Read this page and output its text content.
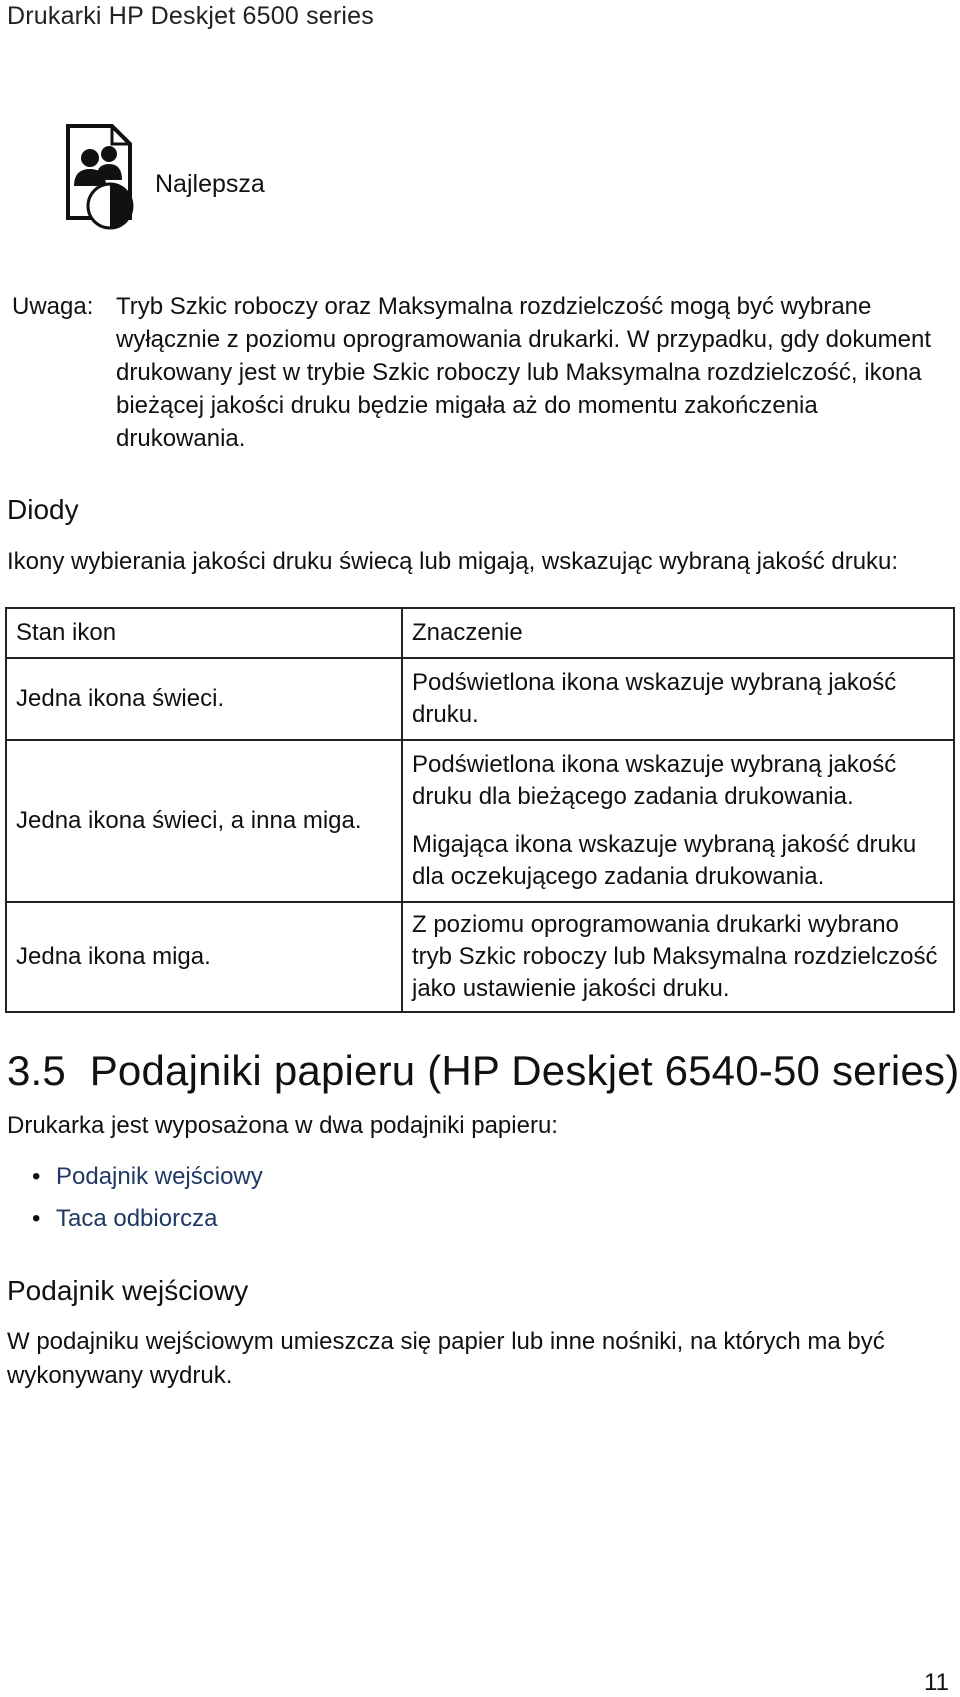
Drukarki HP Deskjet 6500 series
Najlepsza
Uwaga: Tryb Szkic roboczy oraz Maksymalna rozdzielczość mogą być wybrane wyłącznie z poziomu oprogramowania drukarki. W przypadku, gdy dokument drukowany jest w trybie Szkic roboczy lub Maksymalna rozdzielczość, ikona bieżącej jakości druku będzie migała aż do momentu zakończenia drukowania.
Diody
Ikony wybierania jakości druku świecą lub migają, wskazując wybraną jakość druku:
Stan ikon	Znaczenie
Jedna ikona świeci.	Podświetlona ikona wskazuje wybraną jakość druku.
Jedna ikona świeci, a inna miga.	Podświetlona ikona wskazuje wybraną jakość druku dla bieżącego zadania drukowania.
	Migająca ikona wskazuje wybraną jakość druku dla oczekującego zadania drukowania.
Jedna ikona miga.	Z poziomu oprogramowania drukarki wybrano tryb Szkic roboczy lub Maksymalna rozdzielczość jako ustawienie jakości druku.
3.5  Podajniki papieru (HP Deskjet 6540-50 series)
Drukarka jest wyposażona w dwa podajniki papieru:
• Podajnik wejściowy
• Taca odbiorcza
Podajnik wejściowy
W podajniku wejściowym umieszcza się papier lub inne nośniki, na których ma być wykonywany wydruk.
11
